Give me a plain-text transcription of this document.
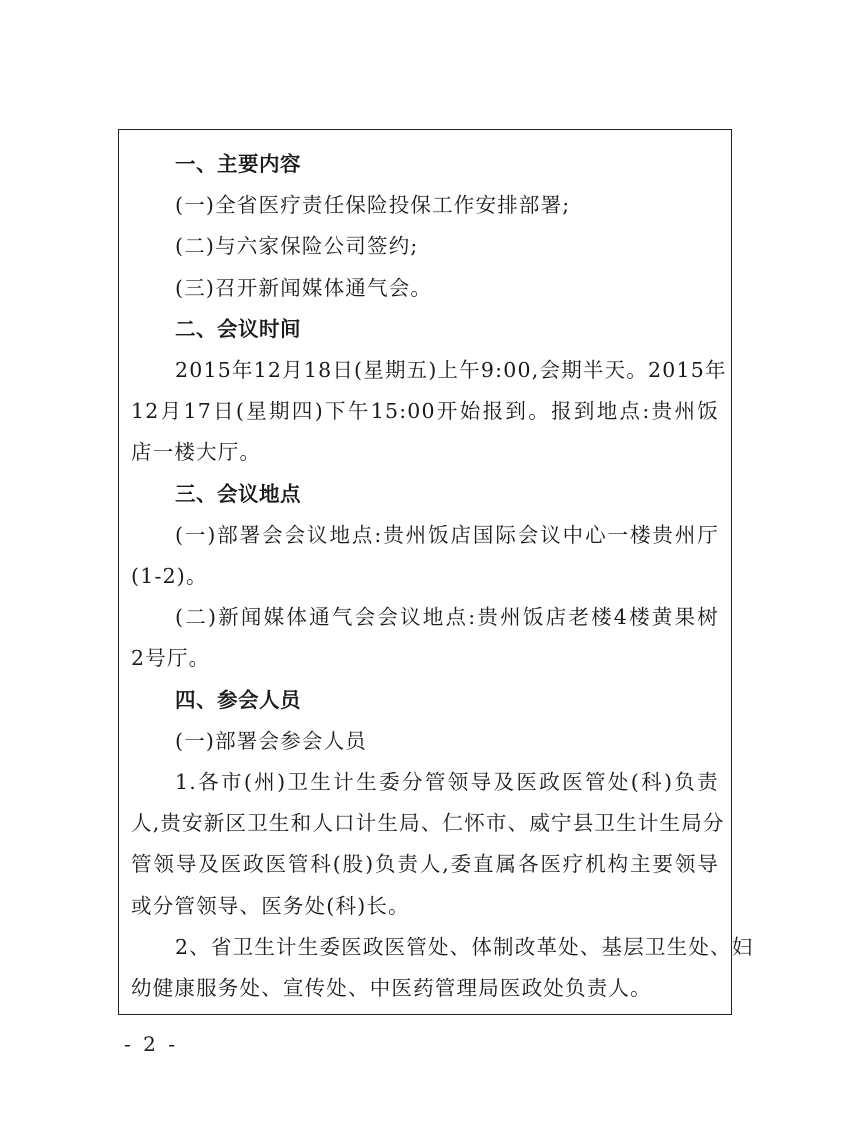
一、主要内容
(一)全省医疗责任保险投保工作安排部署;
(二)与六家保险公司签约;
(三)召开新闻媒体通气会。
二、会议时间
2015年12月18日(星期五)上午9:00,会期半天。2015年
12月17日(星期四)下午15:00开始报到。报到地点:贵州饭
店一楼大厅。
三、会议地点
(一)部署会会议地点:贵州饭店国际会议中心一楼贵州厅
(1-2)。
(二)新闻媒体通气会会议地点:贵州饭店老楼4楼黄果树
2号厅。
四、参会人员
(一)部署会参会人员
1.各市(州)卫生计生委分管领导及医政医管处(科)负责
人,贵安新区卫生和人口计生局、仁怀市、威宁县卫生计生局分
管领导及医政医管科(股)负责人,委直属各医疗机构主要领导
或分管领导、医务处(科)长。
2、省卫生计生委医政医管处、体制改革处、基层卫生处、妇
幼健康服务处、宣传处、中医药管理局医政处负责人。
- 2 -
